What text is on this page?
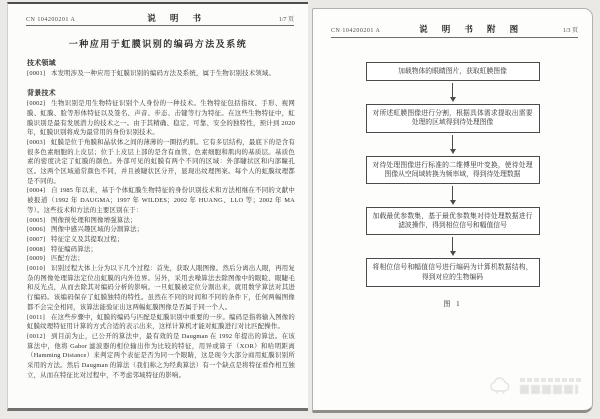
CN 104200201 A	说 明 书	1/7 页
一种应用于虹膜识别的编码方法及系统
技术领域

[0001] 本发明涉及一种应用于虹膜识别的编码方法及系统，属于生物识别技术领域。

背景技术

[0002] 生物识别是用生物特征识别个人身份的一种技术。生物特征包括指纹、手形、视网膜、虹膜、脸等形体特征以及签名、声音、步态、击键等行为特征。在这些生物特征中，虹膜识别是最有发展潜力的技术之一。由于其精确、稳定、可靠、安全的独特性，预计到 2020 年，虹膜识别将成为最常用的身份识别技术。

[0003] 虹膜是位于角膜和晶状体之间的薄薄的一圈括约肌。它有多层结构，最底下的是含有很多色素细胞的上皮层；位于上皮层上部的是含有血管、色素细胞和肌肉的基质层。基质色素的密度决定了虹膜的颜色。外部可见的虹膜有两个不同的区域：外部睫状区和内部瞳孔区。这两个区域通常颜色不同，并且被睫状区分开，显现出纹理图案。每个人的虹膜纹理都是不同的。

[0004] 自 1985 年以来，基于个体虹膜生物特征的身份识别技术和方法相继在不同的文献中被报道（1992 年 DAUGMA；1997 年 WILDES；2002 年 HUANG、LLO 等；2002 年 MA 等）。这些技术和方法的主要区别在于：

[0005] 图像预处理和图像增强算法；

[0006] 图像中感兴趣区域的分割算法；

[0007] 特征定义及其提取过程；

[0008] 特征编码算法；

[0009] 匹配方法；

[0010] 识别过程大体上分为以下几个过程：首先，获取人眼图像。然后分离出人眼，再用复杂的图像处理算法定位出虹膜的内外边界。另外，采用去噪算法去除图像中的眼睑、眼睫毛和反光点，从而去除其对编码分析的影响。一旦虹膜被定位分割出来，就用数学算法对其进行编码。该编码保存了虹膜独特的特性。虽然在不同的时间和不同的条件下，任何两幅图像都不会完全相同，该算法能验证出这两幅虹膜图像是否属于同一个人。

[0011] 在这些步骤中，虹膜的编码与匹配是虹膜识别中重要的一步。编码是指将输入图像的虹膜纹理特征用计算的方式合适的表示出来，这样计算机才能对虹膜进行对比匹配操作。

[0012] 到目前为止，已公开的算法中，最有效的是 Daugman 在 1992 年提出的算法。在该算法中，他将 Gabor 滤波器的相位输出作为比较的特征，用异或算子（XOR）和哈明距离（Hamming Distance）来判定两个表征是否为同一个眼睛，这是现今大部分商用虹膜识别所采用的方法。然后 Daugman 的算法（我们称之为经典算法）有一个缺点是将特征看作相互独立，从而在特征比对过程中，不考虑邻域特征的影响。

CN 104200201 A	说 明 书 附 图	1/3 页
加载物体的眼睛图片，获取虹膜图像
对所述虹膜图像进行分割，根据具体需求提取出需要处理的区域得到待处理图像
对待处理图像进行标准的二维傅里叶变换，使待处理图像从空间域转换为频率域，得到待处理数据
加载最优参数集，基于最优参数集对待处理数据进行滤波操作，得到相位信号和幅值信号
将相位信号和幅值信号进行编码为计算机数据结构，得到对应的生物编码
图 1
